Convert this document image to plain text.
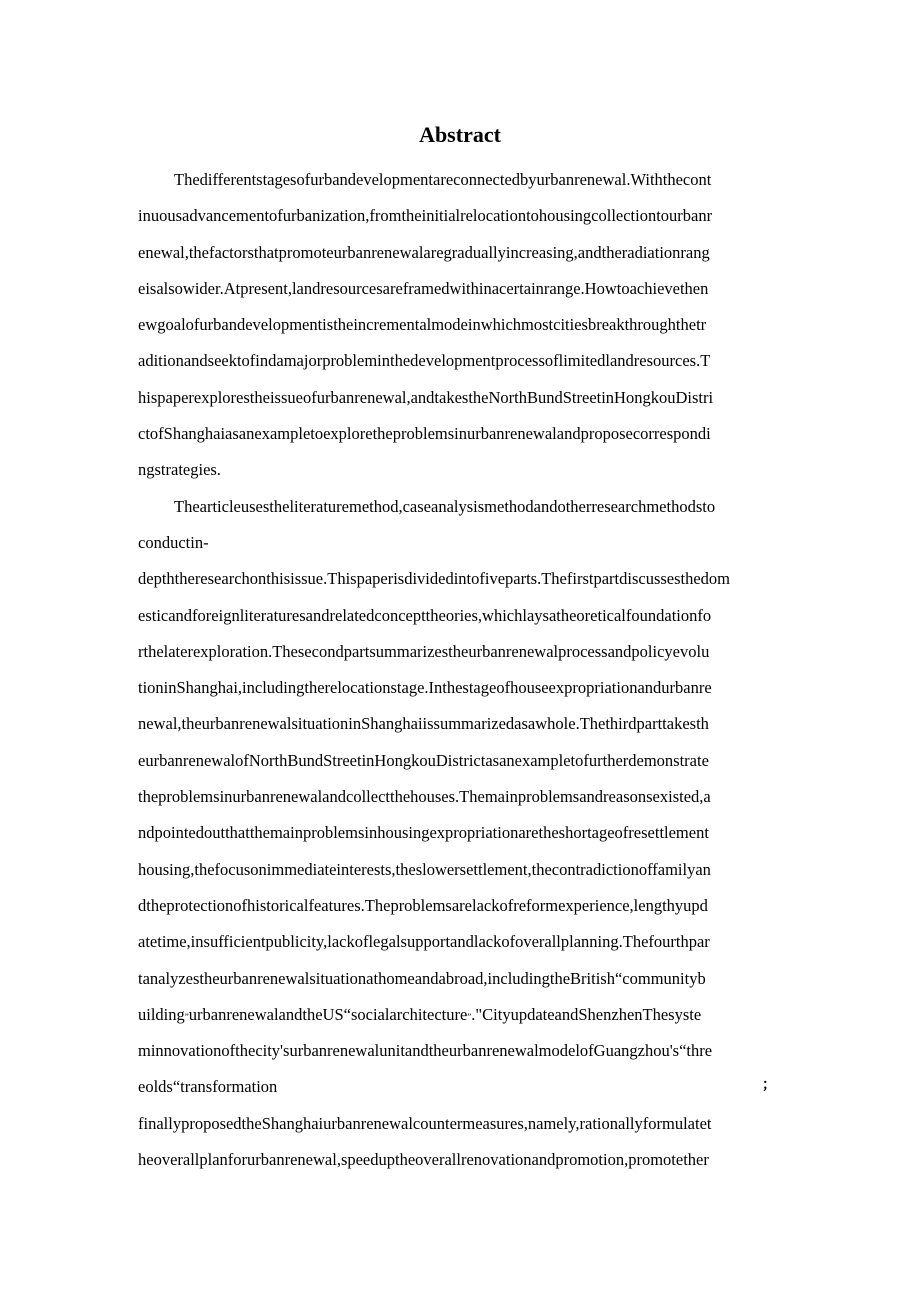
Abstract
Thedifferentstagesofurbandevelopmentareconnectedbyurbanrenewal.Withthecont
inuousadvancementofurbanization,fromtheinitialrelocationtohousingcollectiontourbanr
enewal,thefactorsthatpromoteurbanrenewalaregraduallyincreasing,andtheradiationrang
eisalsowider.Atpresent,landresourcesareframedwithinacertainrange.Howtoachievethen
ewgoalofurbandevelopmentistheincrementalmodeinwhichmostcitiesbreakthroughthetr
aditionandseektofindamajorprobleminthedevelopmentprocessoflimitedlandresources.T
hispaperexplorestheissueofurbanrenewal,andtakestheNorthBundStreetinHongkouDistri
ctofShanghaiasanexampletoexploretheproblemsinurbanrenewalandproposecorrespondi
ngstrategies.
Thearticleusestheliteraturemethod,caseanalysismethodandotherresearchmethodsto
conductin-
depththeresearchonthisissue.Thispaperisdividedintofiveparts.Thefirstpartdiscussesthedom
esticandforeignliteraturesandrelatedconcepttheories,whichlaysatheoreticalfoundationfo
rthelaterexploration.Thesecondpartsummarizestheurbanrenewalprocessandpolicyevolu
tioninShanghai,includingtherelocationstage.Inthestageofhouseexpropriationandurbanre
newal,theurbanrenewalsituationinShanghaiissummarizedasawhole.Thethirdparttakesth
eurbanrenewalofNorthBundStreetinHongkouDistrictasanexampletofurtherdemonstrate
theproblemsinurbanrenewalandcollectthehouses.Themainproblemsandreasonsexisted,a
ndpointedoutthatthemainproblemsinhousingexpropriationaretheshortageofresettlement
housing,thefocusonimmediateinterests,theslowersettlement,thecontradictionoffamilyan
dtheprotectionofhistoricalfeatures.Theproblemsarelackofreformexperience,lengthyupd
atetime,insufficientpublicity,lackoflegalsupportandlackofoverallplanning.Thefourthpar
tanalyzestheurbanrenewalsituationathomeandabroad,includingtheBritish“communityb
uilding”urbanrenewalandtheUS“socialarchitecture”."CityupdateandShenzhenThesyste
minnovationofthecity'surbanrenewalunitandtheurbanrenewalmodelofGuangzhou's“thre
eolds“transformation
finallyproposedtheShanghaiurbanrenewalcountermeasures,namely,rationallyformulatet
heoverallplanforurbanrenewal,speeduptheoverallrenovationandpromotion,promotether
；
